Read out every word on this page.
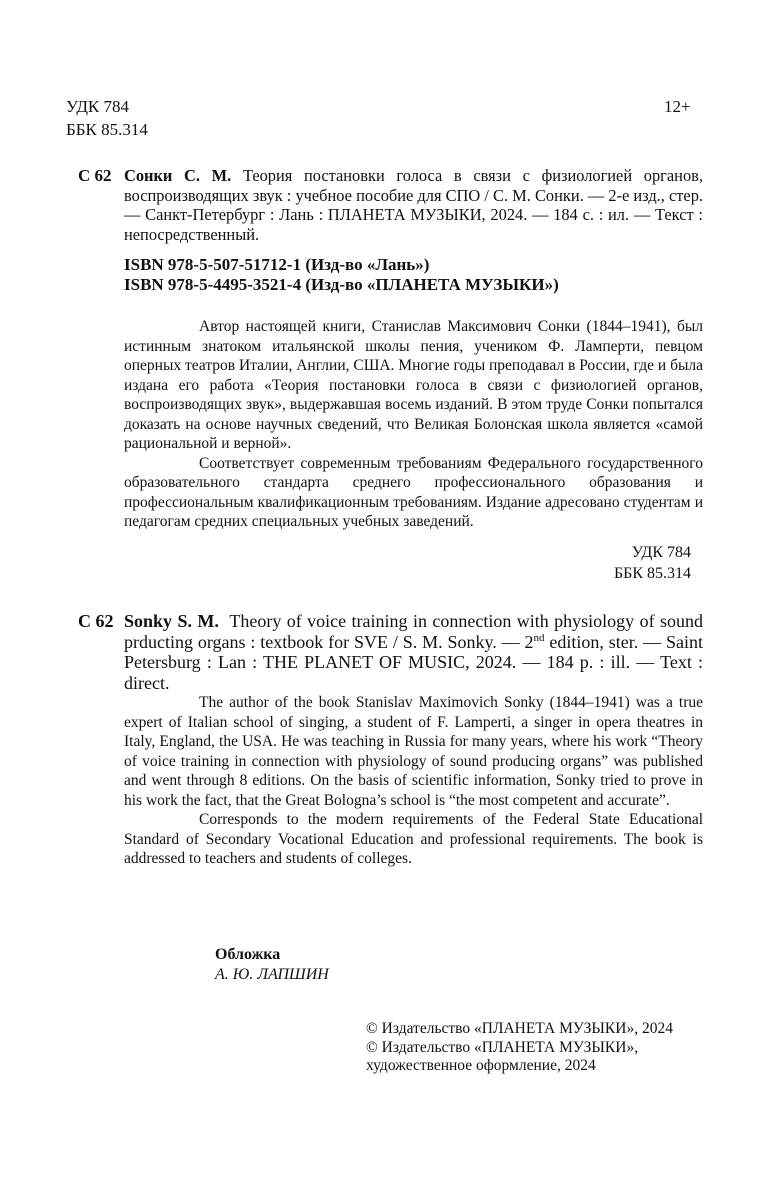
УДК 784
ББК 85.314
12+
С 62 Сонки С. М. Теория постановки голоса в связи с физиологией органов, воспроизводящих звук : учебное пособие для СПО / С. М. Сонки. — 2-е изд., стер. — Санкт-Петербург : Лань : ПЛАНЕТА МУЗЫКИ, 2024. — 184 с. : ил. — Текст : непосредственный.
ISBN 978-5-507-51712-1 (Изд-во «Лань»)
ISBN 978-5-4495-3521-4 (Изд-во «ПЛАНЕТА МУЗЫКИ»)

Автор настоящей книги, Станислав Максимович Сонки (1844–1941), был истинным знатоком итальянской школы пения, учеником Ф. Ламперти, певцом оперных театров Италии, Англии, США. Многие годы преподавал в России, где и была издана его работа «Теория постановки голоса в связи с физиологией органов, воспроизводящих звук», выдержавшая восемь изданий. В этом труде Сонки попытался доказать на основе научных сведений, что Великая Болонская школа является «самой рациональной и верной».

Соответствует современным требованиям Федерального государственного образовательного стандарта среднего профессионального образования и профессиональным квалификационным требованиям. Издание адресовано студентам и педагогам средних специальных учебных заведений.

УДК 784
ББК 85.314
С 62 Sonky S. M. Theory of voice training in connection with physiology of sound prducting organs : textbook for SVE / S. M. Sonky. — 2nd edition, ster. — Saint Petersburg : Lan : THE PLANET OF MUSIC, 2024. — 184 p. : ill. — Text : direct.

The author of the book Stanislav Maximovich Sonky (1844–1941) was a true expert of Italian school of singing, a student of F. Lamperti, a singer in opera theatres in Italy, England, the USA. He was teaching in Russia for many years, where his work “Theory of voice training in connection with physiology of sound producing organs” was published and went through 8 editions. On the basis of scientific information, Sonky tried to prove in his work the fact, that the Great Bologna’s school is “the most competent and accurate”.

Corresponds to the modern requirements of the Federal State Educational Standard of Secondary Vocational Education and professional requirements. The book is addressed to teachers and students of colleges.

Обложка
А. Ю. ЛАПШИН
© Издательство «ПЛАНЕТА МУЗЫКИ», 2024
© Издательство «ПЛАНЕТА МУЗЫКИ»,
художественное оформление, 2024
